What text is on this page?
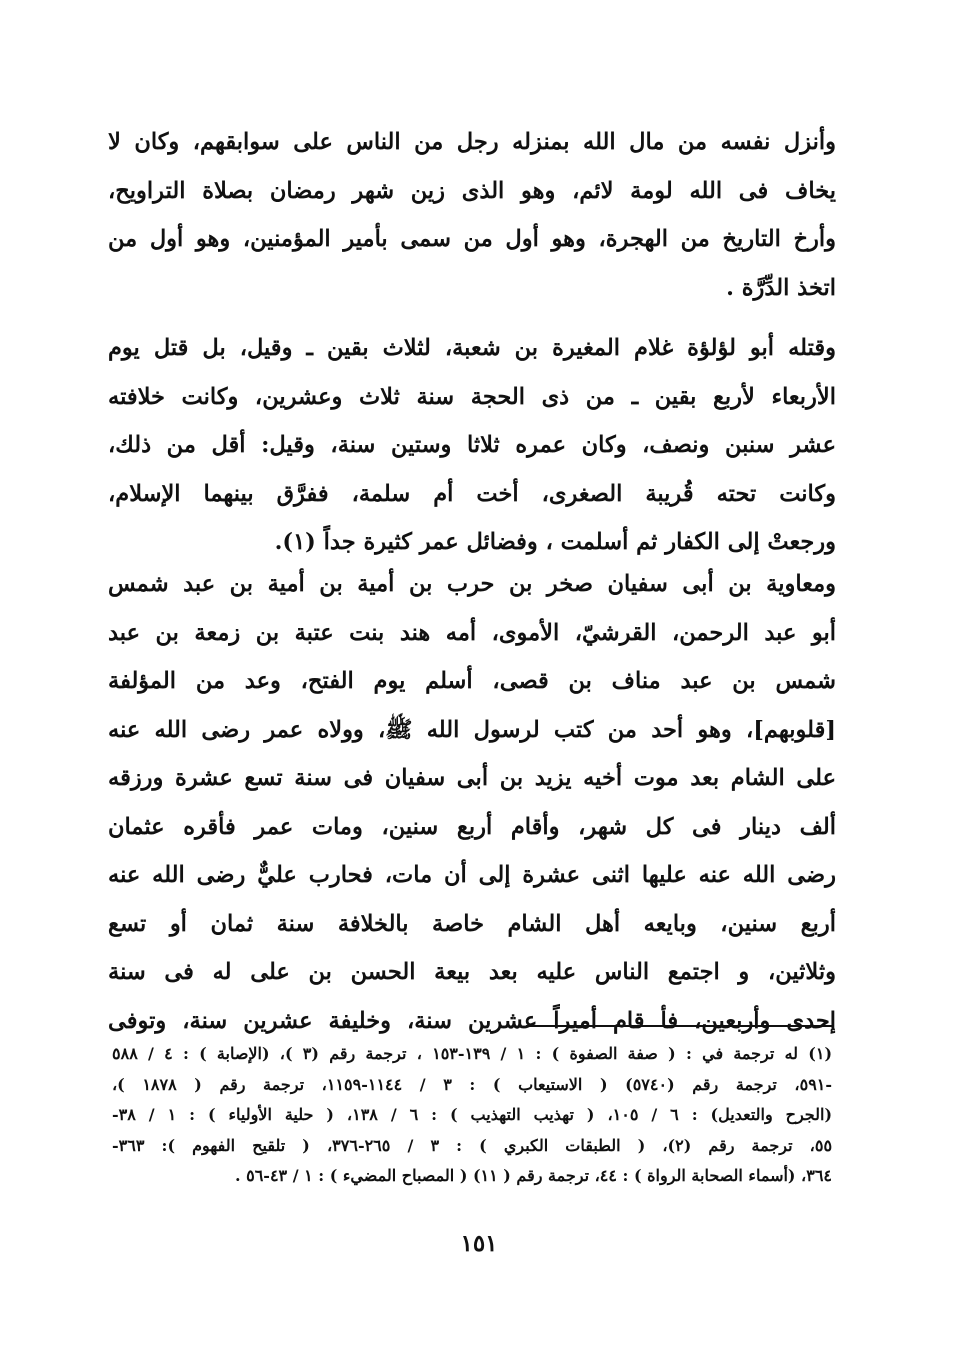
وأنزل نفسه من مال الله بمنزله رجل من الناس على سوابقهم، وكان لا
يخاف فى الله لومة لائم، وهو الذى زين شهر رمضان بصلاة التراويح،
وأرخ التاريخ من الهجرة، وهو أول من سمى بأمير المؤمنين، وهو أول من
اتخذ الدِّرَّة .
وقتله أبو لؤلؤة غلام المغيرة بن شعبة، لثلاث بقين ـ وقيل، بل قتل يوم
الأربعاء لأربع بقين ـ من ذى الحجة سنة ثلاث وعشرين، وكانت خلافته
عشر سنبن ونصف، وكان عمره ثلاثا وستين سنة، وقيل: أقل من ذلك،
وكانت تحته قُريبة الصغرى، أخت أم سلمة، ففرَّق بينهما الإسلام،
ورجعتْ إلى الكفار ثم أسلمت ، وفضائل عمر كثيرة جداً (١).
ومعاوية بن أبى سفيان صخر بن حرب بن أمية بن أمية بن عبد شمس
أبو عبد الرحمن، القرشيّ، الأموى، أمه هند بنت عتبة بن زمعة بن عبد
شمس بن عبد مناف بن قصى، أسلم يوم الفتح، وعد من المؤلفة
[قلوبهم]، وهو أحد من كتب لرسول الله ﷺ، وولاه عمر رضى الله عنه
على الشام بعد موت أخيه يزيد بن أبى سفيان فى سنة تسع عشرة ورزقه
ألف دينار فى كل شهر، وأقام أربع سنين، ومات عمر فأقره عثمان
رضى الله عنه عليها اثنى عشرة إلى أن مات، فحارب عليٌّ رضى الله عنه
أربع سنين، وبايعه أهل الشام خاصة بالخلافة سنة ثمان أو تسع
وثلاثين، و اجتمع الناس عليه بعد بيعة الحسن بن على له فى سنة
إحدى وأربعين، فأ قام أميراً عشرين سنة، وخليفة عشرين سنة، وتوفى
(١) له ترجمة في : ( صفة الصفوة ) : ١ / ١٣٩-١٥٣ ، ترجمة رقم (٣ )، (الإصابة ) : ٤ / ٥٨٨
-٥٩١، ترجمة رقم (٥٧٤٠) ( الاستيعاب ) : ٣ / ١١٤٤-١١٥٩، ترجمة رقم ( ١٨٧٨ )،
(الجرح والتعديل) : ٦ / ١٠٥، ( تهذيب التهذيب ) : ٦ / ١٣٨، ( حلية الأولياء ) : ١ / ٣٨-
٥٥، ترجمة رقم (٢)، ( الطبقات الكبري ) : ٣ / ٢٦٥-٣٧٦، ( تلقيح الفهوم ): ٣٦٣-
٣٦٤، (أسماء الصحابة الرواة ) : ٤٤، ترجمة رقم ( ١١) ( المصباح المضيء ) : ١ / ٤٣-٥٦ .
١٥١
